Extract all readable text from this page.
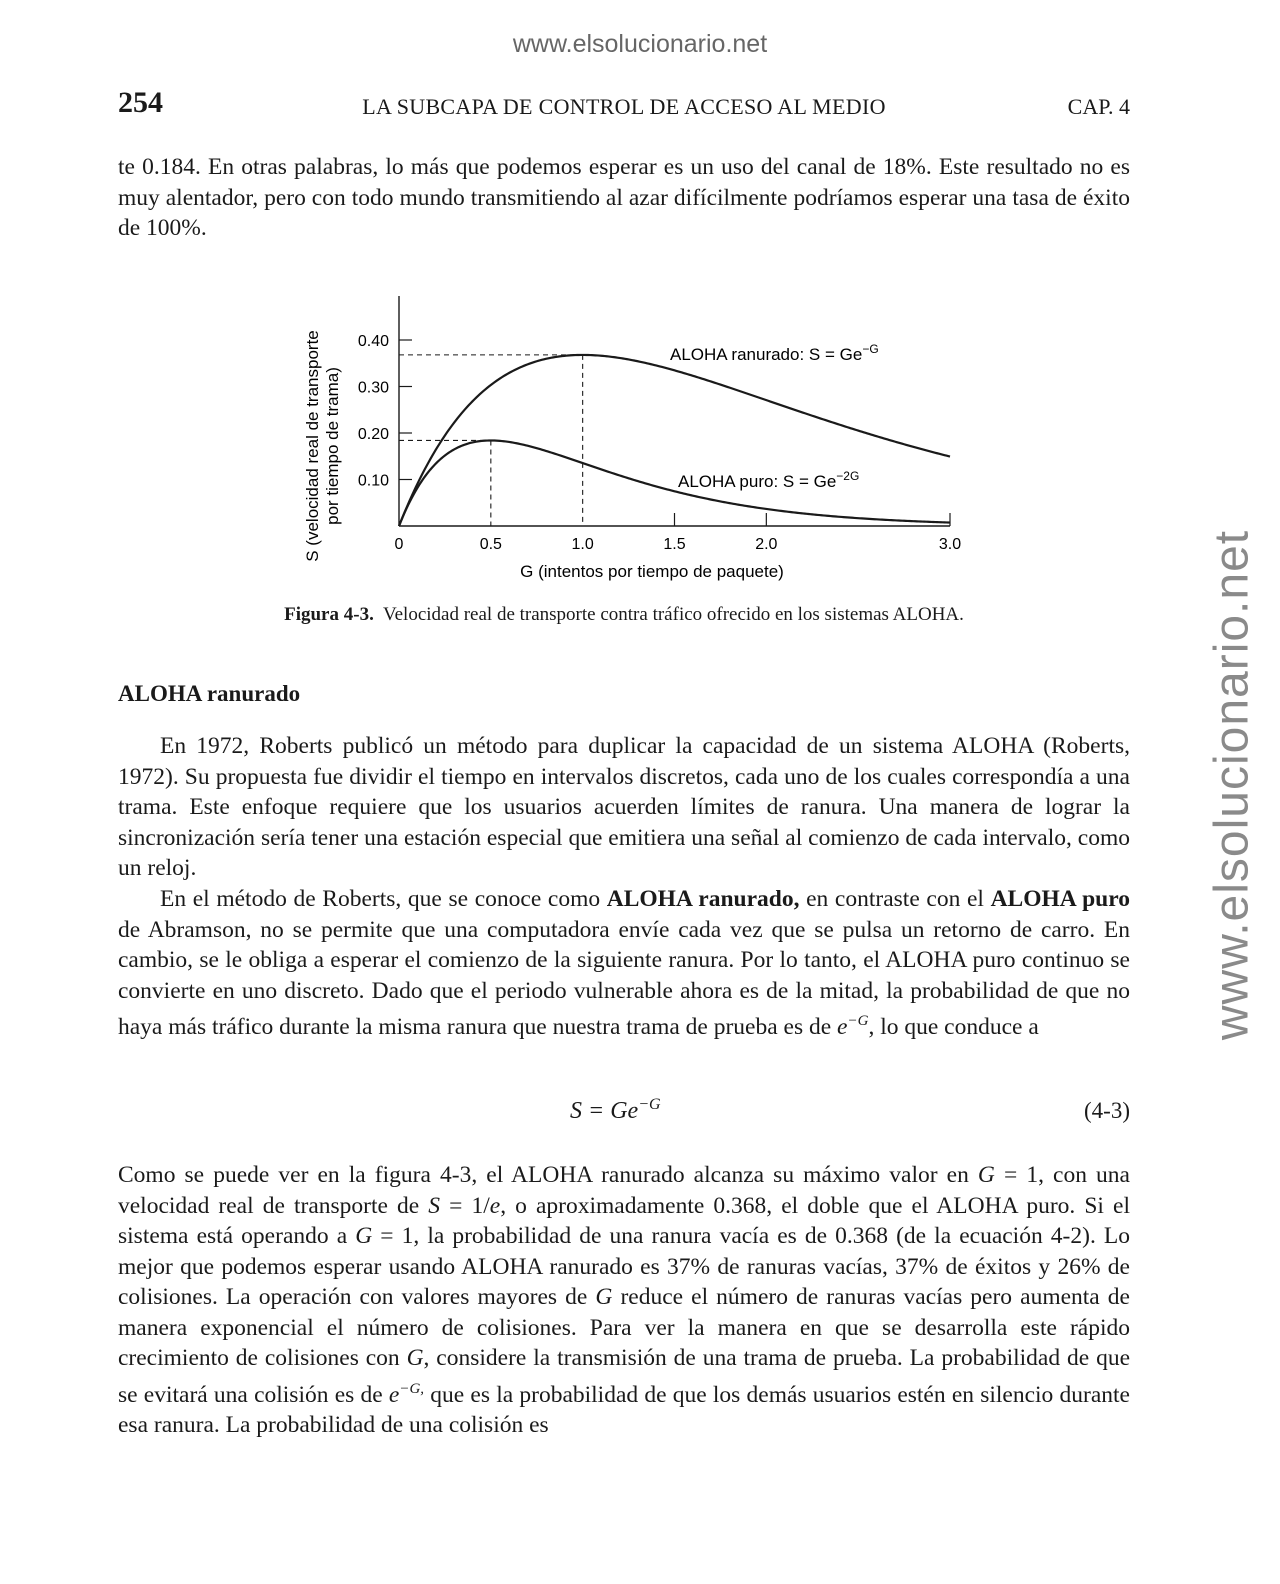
www.elsolucionario.net
www.elsolucionario.net
254	LA SUBCAPA DE CONTROL DE ACCESO AL MEDIO	CAP. 4

te 0.184. En otras palabras, lo más que podemos esperar es un uso del canal de 18%. Este resultado no es muy alentador, pero con todo mundo transmitiendo al azar difícilmente podríamos esperar una tasa de éxito de 100%.

0.10
0.20
0.30
0.40
0	0.5	1.0	1.5	2.0	3.0
G (intentos por tiempo de paquete)
S (velocidad real de transporte por tiempo de trama)
ALOHA ranurado: $S = Ge^{-G}$
ALOHA puro: $S = Ge^{-2G}$
Figura 4-3. Velocidad real de transporte contra tráfico ofrecido en los sistemas ALOHA.
ALOHA ranurado

En 1972, Roberts publicó un método para duplicar la capacidad de un sistema ALOHA (Roberts, 1972). Su propuesta fue dividir el tiempo en intervalos discretos, cada uno de los cuales correspondía a una trama. Este enfoque requiere que los usuarios acuerden límites de ranura. Una manera de lograr la sincronización sería tener una estación especial que emitiera una señal al comienzo de cada intervalo, como un reloj.

En el método de Roberts, que se conoce como ALOHA ranurado, en contraste con el ALOHA puro de Abramson, no se permite que una computadora envíe cada vez que se pulsa un retorno de carro. En cambio, se le obliga a esperar el comienzo de la siguiente ranura. Por lo tanto, el ALOHA puro continuo se convierte en uno discreto. Dado que el periodo vulnerable ahora es de la mitad, la probabilidad de que no haya más tráfico durante la misma ranura que nuestra trama de prueba es de $e^{-G}$, lo que conduce a

$S = Ge^{-G}$	(4-3)

Como se puede ver en la figura 4-3, el ALOHA ranurado alcanza su máximo valor en G = 1, con una velocidad real de transporte de S = 1/e, o aproximadamente 0.368, el doble que el ALOHA puro. Si el sistema está operando a G = 1, la probabilidad de una ranura vacía es de 0.368 (de la ecuación 4-2). Lo mejor que podemos esperar usando ALOHA ranurado es 37% de ranuras vacías, 37% de éxitos y 26% de colisiones. La operación con valores mayores de G reduce el número de ranuras vacías pero aumenta de manera exponencial el número de colisiones. Para ver la manera en que se desarrolla este rápido crecimiento de colisiones con G, considere la transmisión de una trama de prueba. La probabilidad de que se evitará una colisión es de $e^{-G,}$ que es la probabilidad de que los demás usuarios estén en silencio durante esa ranura. La probabilidad de una colisión es
